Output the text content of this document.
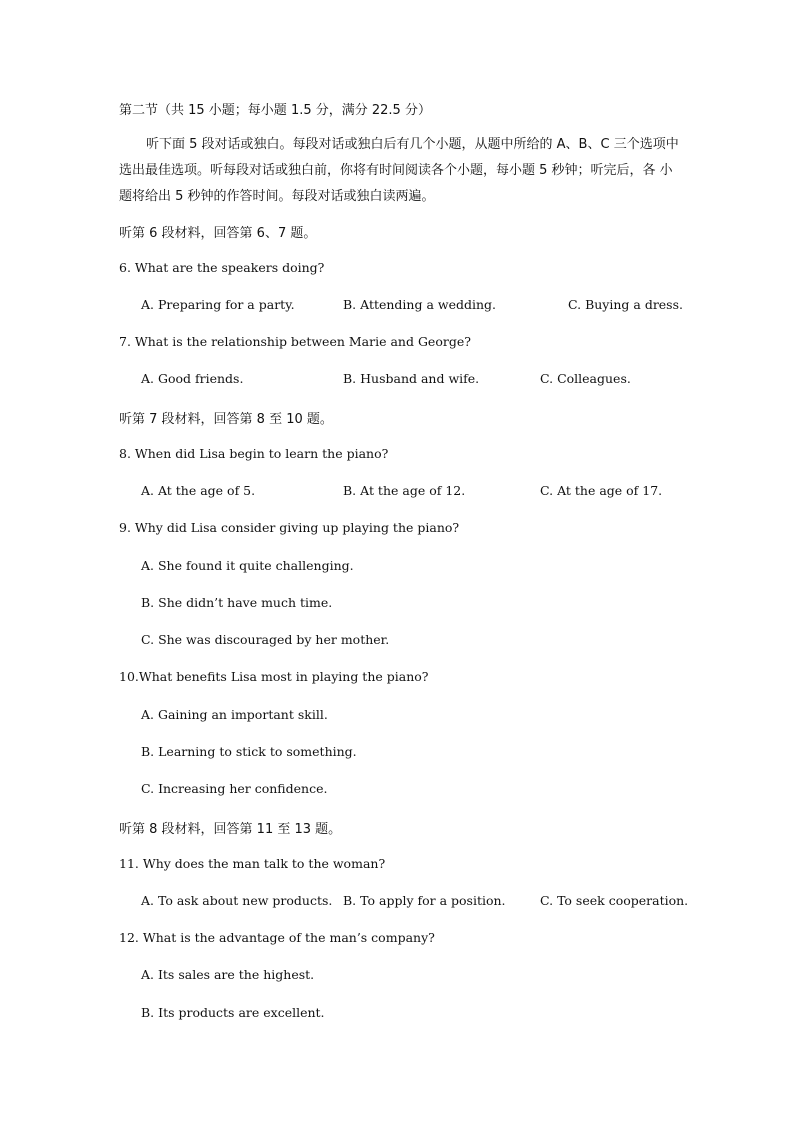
第二节（共 15 小题；每小题 1.5 分，满分 22.5 分）
听下面 5 段对话或独白。每段对话或独白后有几个小题，从题中所给的 A、B、C 三个选项中 选出最佳选项。听每段对话或独白前，你将有时间阅读各个小题，每小题 5 秒钟；听完后，各 小题将给出 5 秒钟的作答时间。每段对话或独白读两遍。
听第 6 段材料，回答第 6、7 题。
6. What are the speakers doing?
A. Preparing for a party.	B. Attending a wedding.	C. Buying a dress.
7. What is the relationship between Marie and George?
A. Good friends.	B. Husband and wife.	C. Colleagues.
听第 7 段材料，回答第 8 至 10 题。
8. When did Lisa begin to learn the piano?
A. At the age of 5.	B. At the age of 12.	C. At the age of 17.
9. Why did Lisa consider giving up playing the piano?
A. She found it quite challenging.
B. She didn’t have much time.
C. She was discouraged by her mother.
10.What benefits Lisa most in playing the piano?
A. Gaining an important skill.
B. Learning to stick to something.
C. Increasing her confidence.
听第 8 段材料，回答第 11 至 13 题。
11. Why does the man talk to the woman?
A. To ask about new products. B. To apply for a position.	C. To seek cooperation.
12. What is the advantage of the man’s company?
A. Its sales are the highest.
B. Its products are excellent.
